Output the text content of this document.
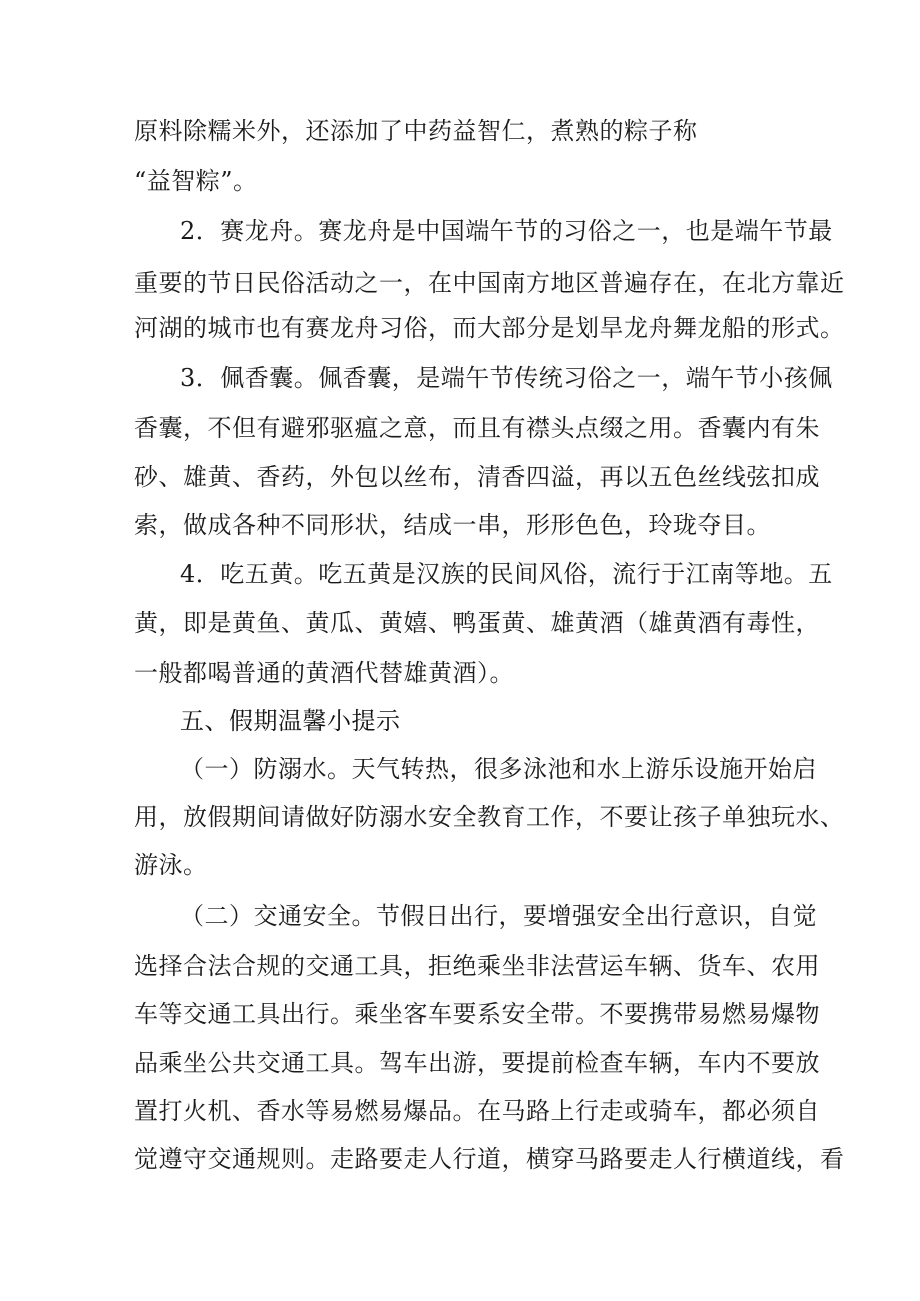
原料除糯米外，还添加了中药益智仁，煮熟的粽子称
“益智粽”。
2．赛龙舟。赛龙舟是中国端午节的习俗之一，也是端午节最
重要的节日民俗活动之一，在中国南方地区普遍存在，在北方靠近
河湖的城市也有赛龙舟习俗，而大部分是划旱龙舟舞龙船的形式。
3．佩香囊。佩香囊，是端午节传统习俗之一，端午节小孩佩
香囊，不但有避邪驱瘟之意，而且有襟头点缀之用。香囊内有朱
砂、雄黄、香药，外包以丝布，清香四溢，再以五色丝线弦扣成
索，做成各种不同形状，结成一串，形形色色，玲珑夺目。
4．吃五黄。吃五黄是汉族的民间风俗，流行于江南等地。五
黄，即是黄鱼、黄瓜、黄嬉、鸭蛋黄、雄黄酒（雄黄酒有毒性，
一般都喝普通的黄酒代替雄黄酒）。
五、假期温馨小提示
（一）防溺水。天气转热，很多泳池和水上游乐设施开始启
用，放假期间请做好防溺水安全教育工作，不要让孩子单独玩水、
游泳。
（二）交通安全。节假日出行，要增强安全出行意识，自觉
选择合法合规的交通工具，拒绝乘坐非法营运车辆、货车、农用
车等交通工具出行。乘坐客车要系安全带。不要携带易燃易爆物
品乘坐公共交通工具。驾车出游，要提前检查车辆，车内不要放
置打火机、香水等易燃易爆品。在马路上行走或骑车，都必须自
觉遵守交通规则。走路要走人行道，横穿马路要走人行横道线，看
